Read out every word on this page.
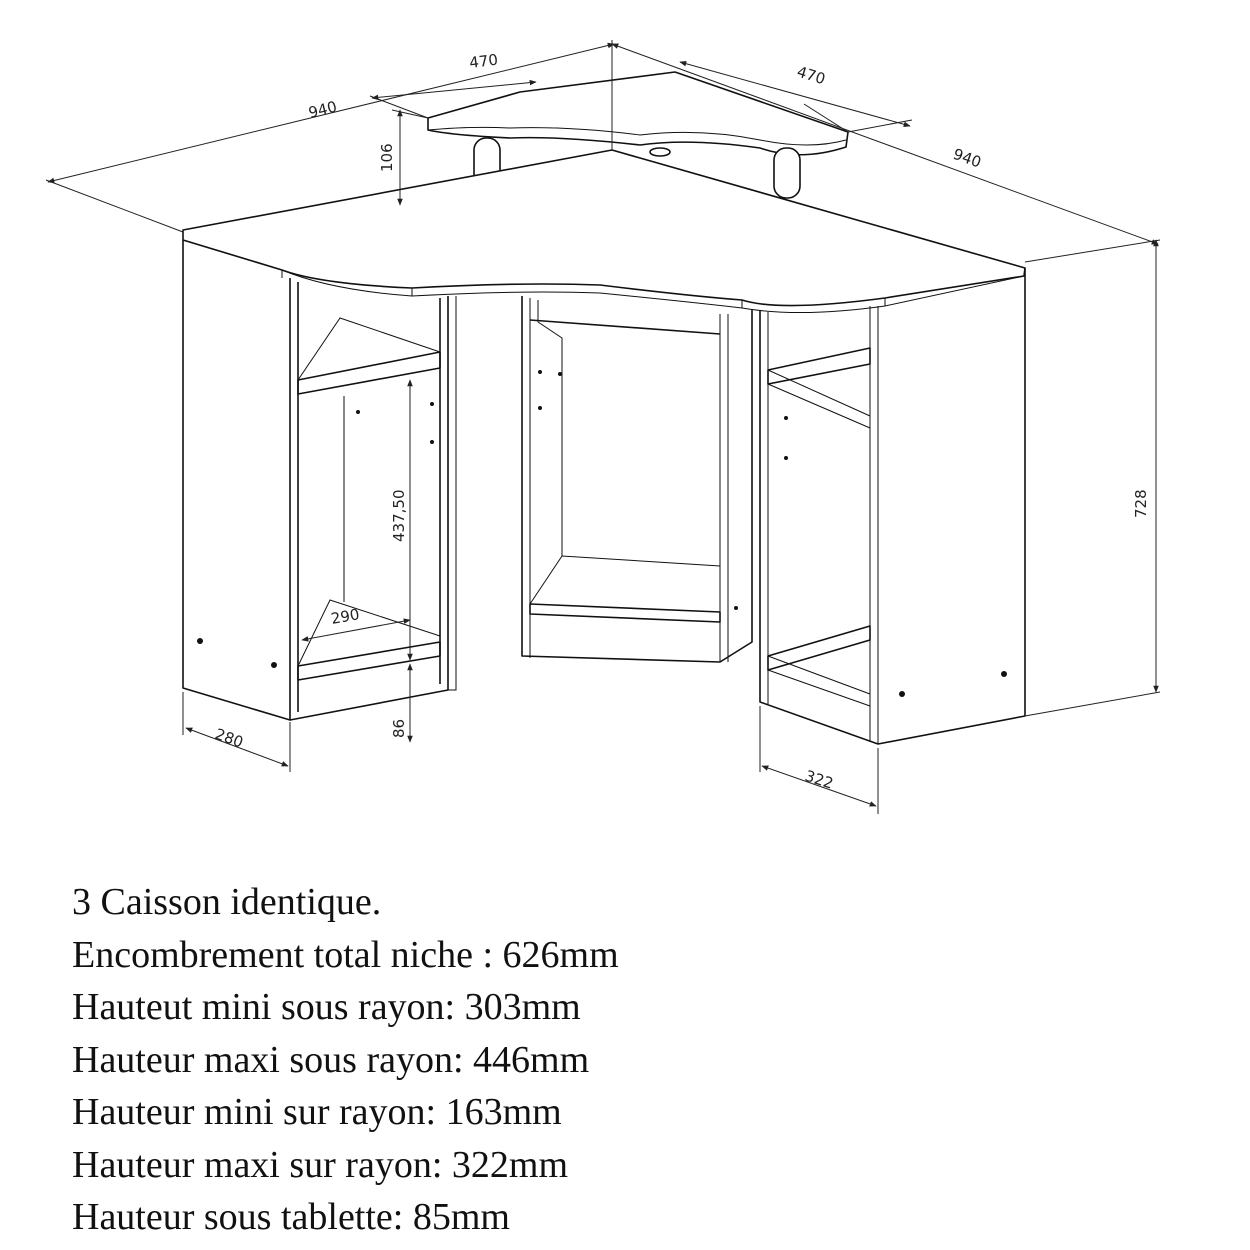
940
940
470
470
106
728
437,50
290
86
280
322
3 Caisson identique.
Encombrement total niche : 626mm
Hauteut mini sous rayon: 303mm
Hauteur maxi sous rayon: 446mm
Hauteur mini sur rayon: 163mm
Hauteur maxi sur rayon: 322mm
Hauteur sous tablette: 85mm
